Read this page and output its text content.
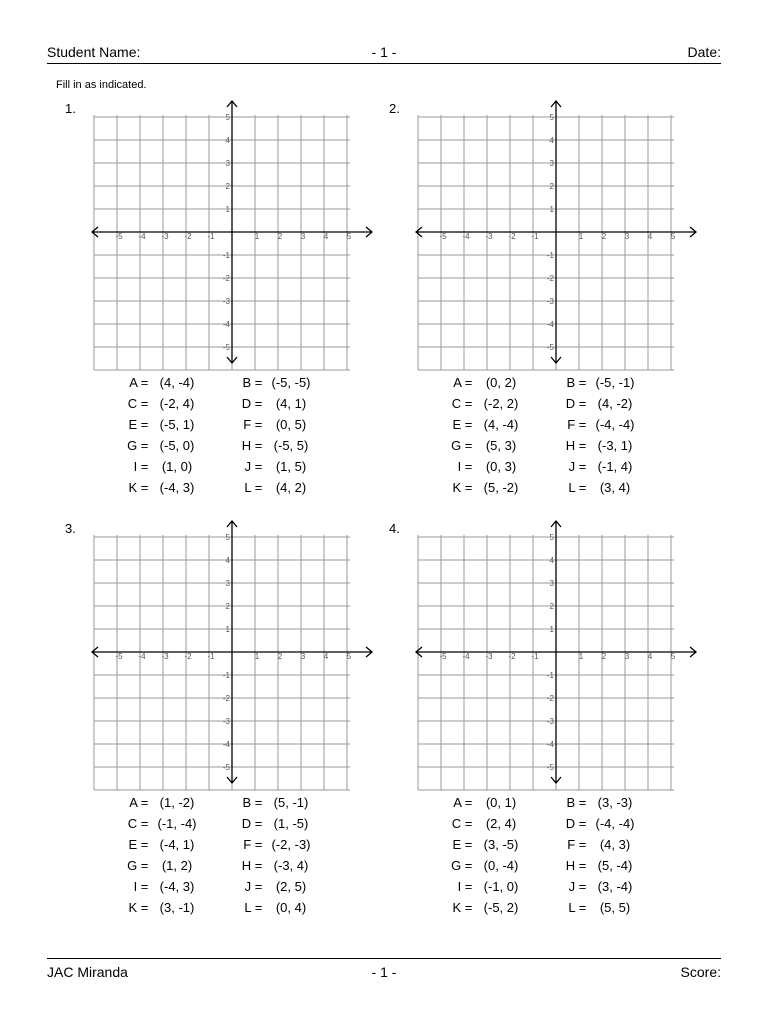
Student Name:	- 1 -	Date:
Fill in as indicated.
1.
-5 -4 -3 -2 -1	1 2 3 4 5
5
4
3
2
1
-1
-2
-3
-4
-5
A = (4, -4)	B = (-5, -5)
C = (-2, 4)	D = (4, 1)
E = (-5, 1)	F = (0, 5)
G = (-5, 0)	H = (-5, 5)
I = (1, 0)	J = (1, 5)
K = (-4, 3)	L = (4, 2)
2.
-5 -4 -3 -2 -1	1 2 3 4 5
5
4
3
2
1
-1
-2
-3
-4
-5
A = (0, 2)	B = (-5, -1)
C = (-2, 2)	D = (4, -2)
E = (4, -4)	F = (-4, -4)
G = (5, 3)	H = (-3, 1)
I = (0, 3)	J = (-1, 4)
K = (5, -2)	L = (3, 4)
3.
-5 -4 -3 -2 -1	1 2 3 4 5
5
4
3
2
1
-1
-2
-3
-4
-5
A = (1, -2)	B = (5, -1)
C = (-1, -4)	D = (1, -5)
E = (-4, 1)	F = (-2, -3)
G = (1, 2)	H = (-3, 4)
I = (-4, 3)	J = (2, 5)
K = (3, -1)	L = (0, 4)
4.
-5 -4 -3 -2 -1	1 2 3 4 5
5
4
3
2
1
-1
-2
-3
-4
-5
A = (0, 1)	B = (3, -3)
C = (2, 4)	D = (-4, -4)
E = (3, -5)	F = (4, 3)
G = (0, -4)	H = (5, -4)
I = (-1, 0)	J = (3, -4)
K = (-5, 2)	L = (5, 5)
JAC Miranda	- 1 -	Score:
